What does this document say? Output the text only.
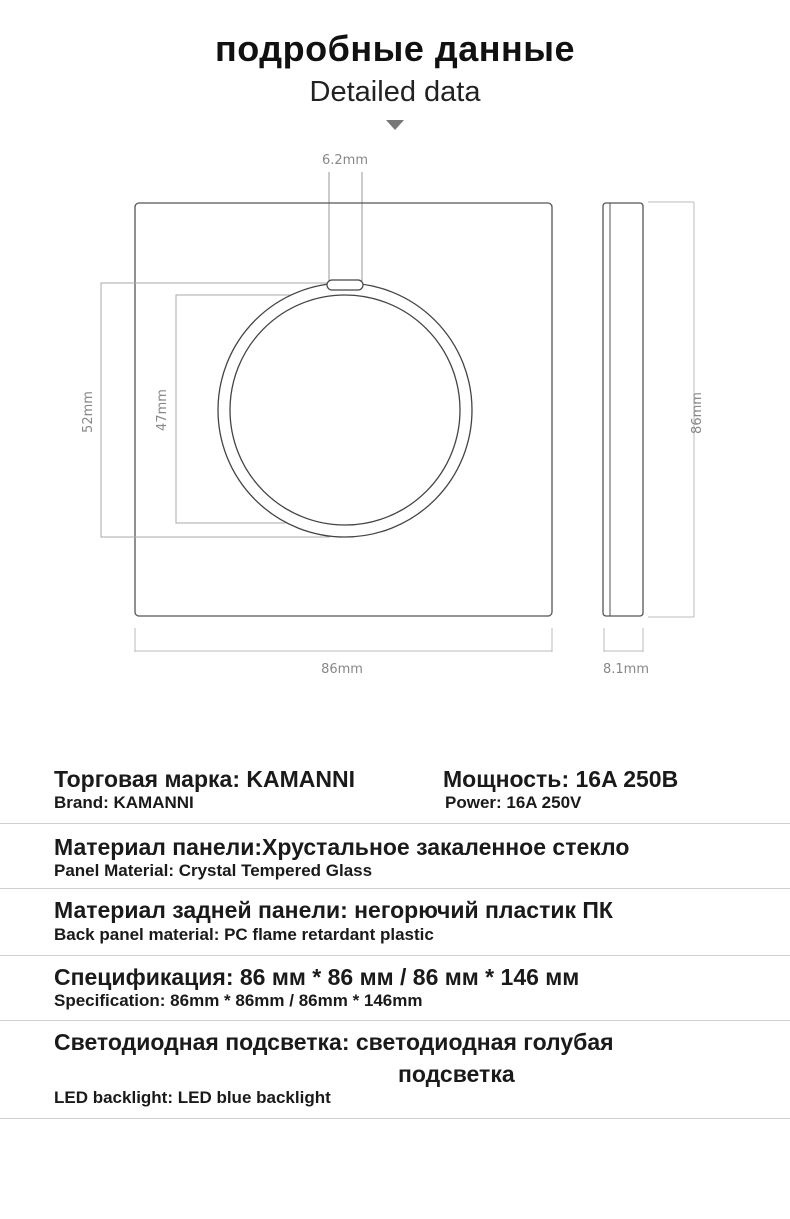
подробные данные
Detailed data
6.2mm
52mm	47mm
86mm
86mm
8.1mm
Торговая марка: KAMANNI
Brand: KAMANNI
Мощность: 16A 250В
Power: 16A 250V
Материал панели:Хрустальное закаленное стекло
Panel Material: Crystal Tempered Glass
Материал задней панели: негорючий пластик ПК
Back panel material: PC flame retardant plastic
Спецификация: 86 мм * 86 мм / 86 мм * 146 мм
Specification: 86mm * 86mm / 86mm * 146mm
Светодиодная подсветка: светодиодная голубая
подсветка
LED backlight: LED blue backlight
